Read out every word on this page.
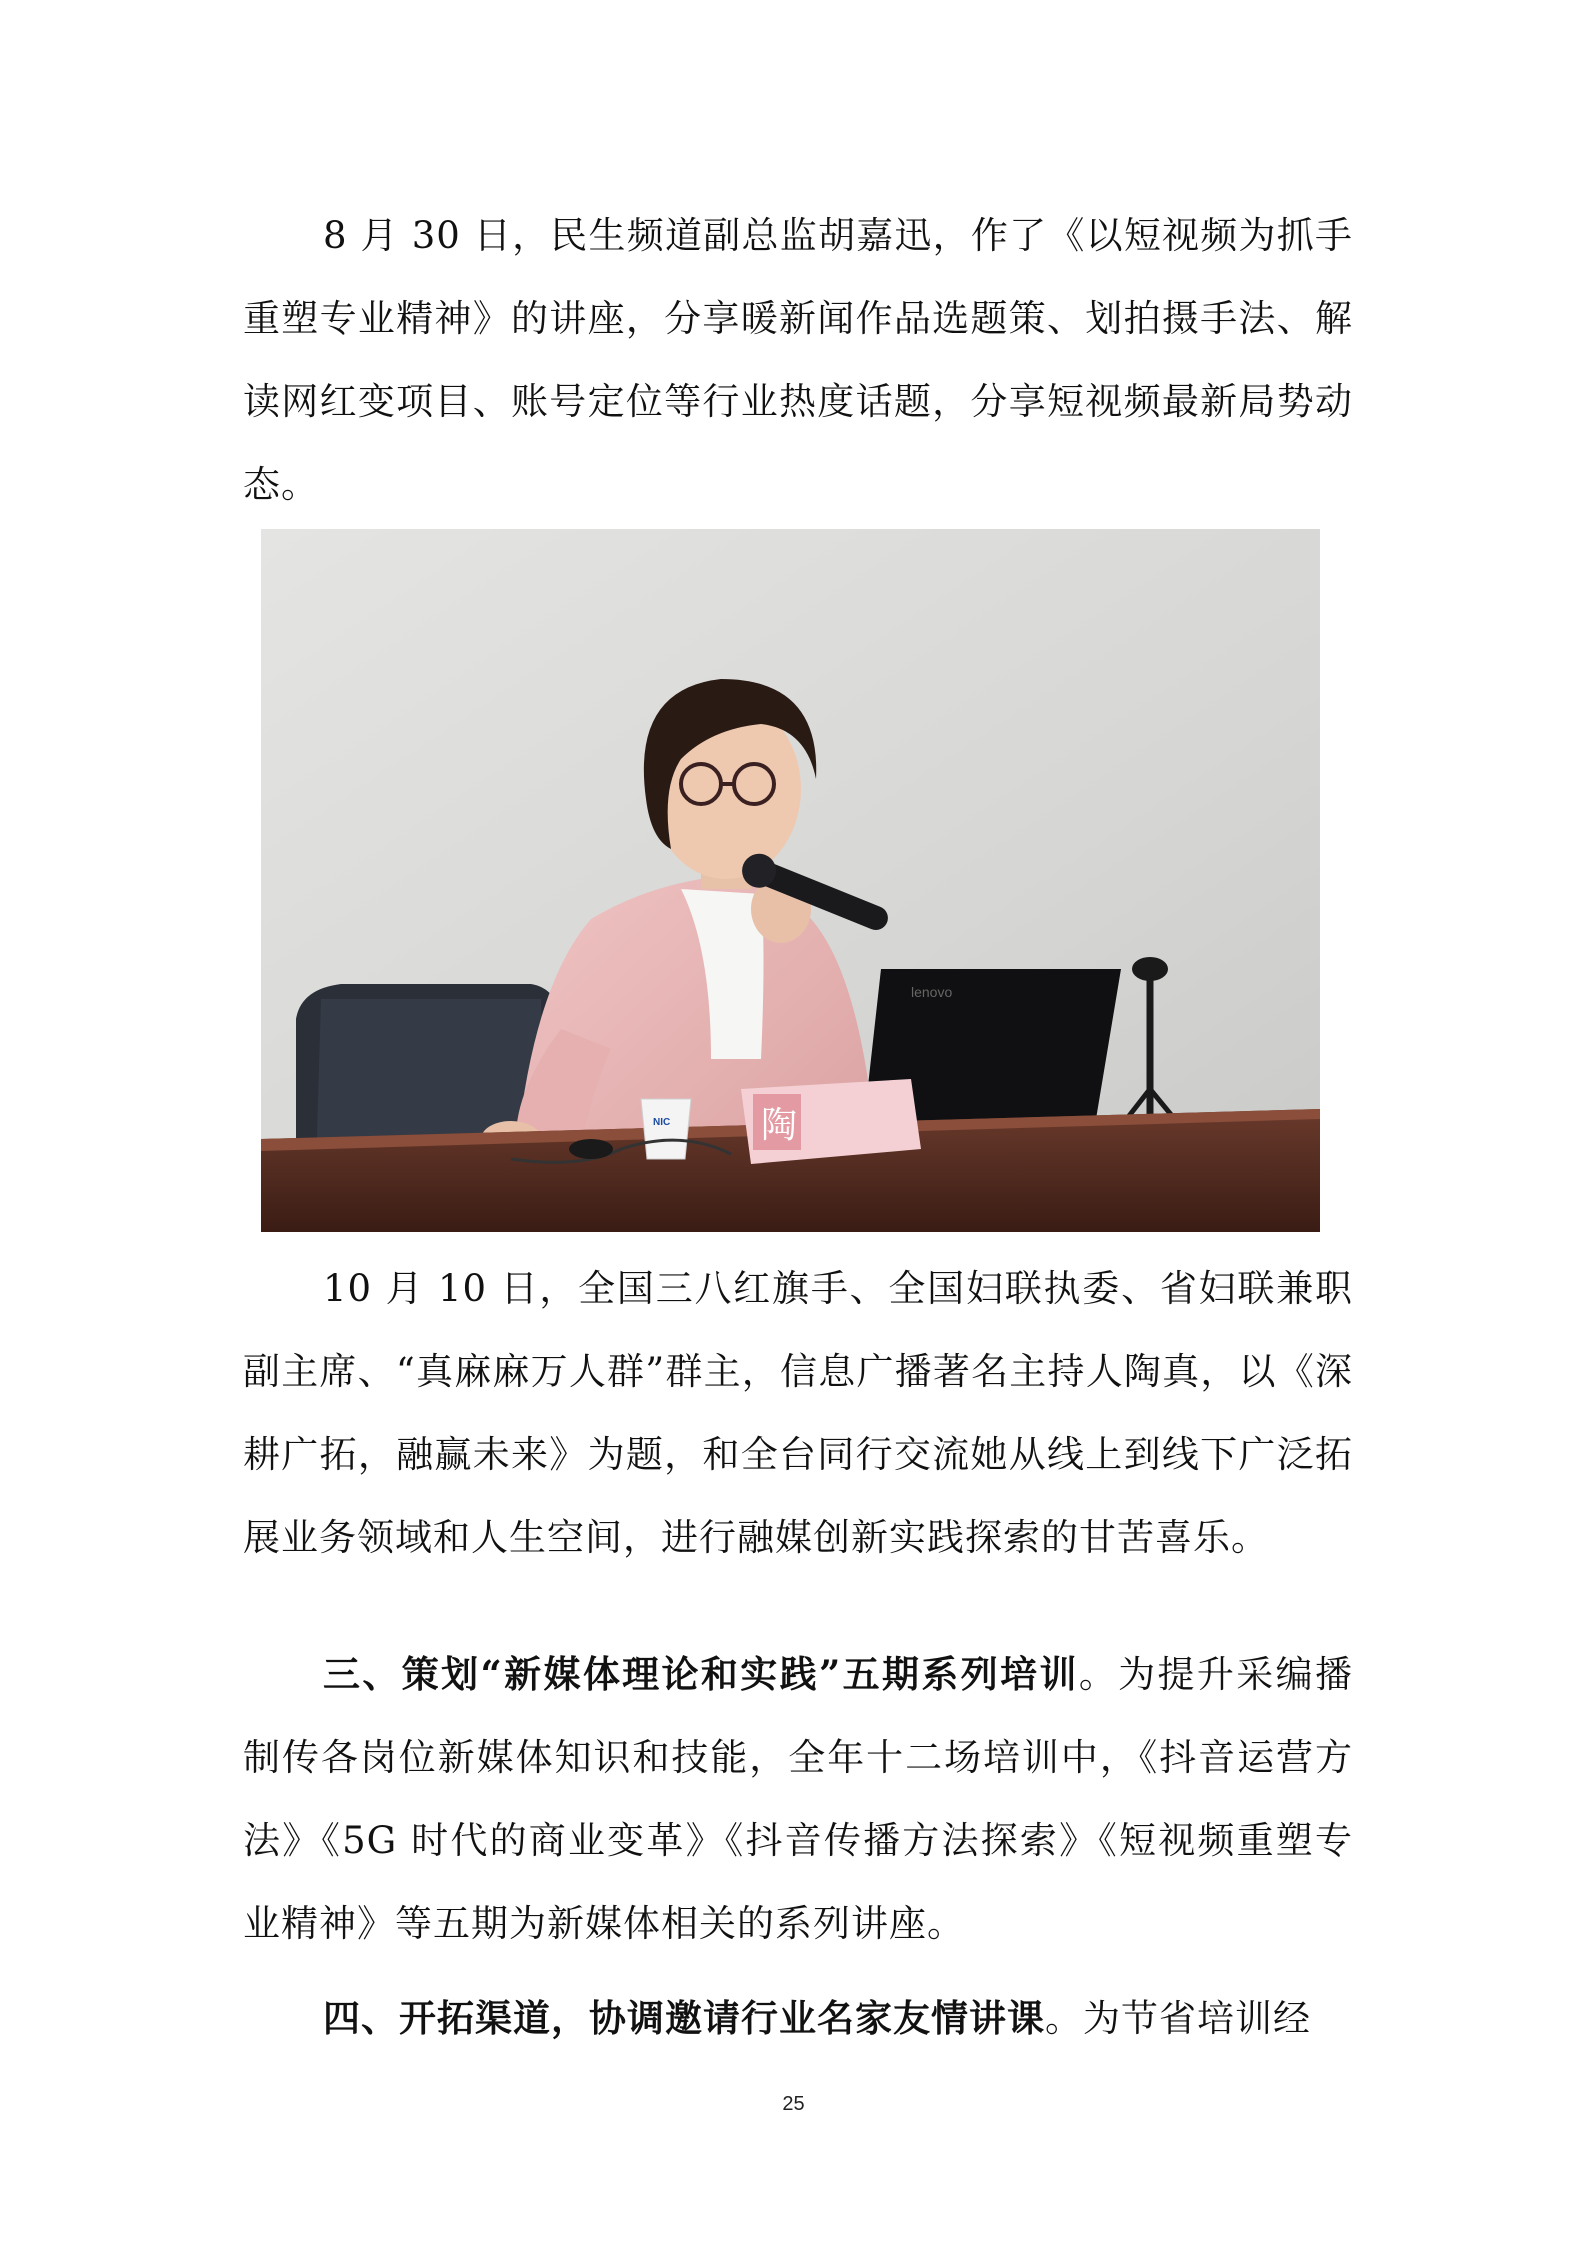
8 月 30 日，民生频道副总监胡嘉迅，作了《以短视频为抓手重塑专业精神》的讲座，分享暖新闻作品选题策、划拍摄手法、解读网红变项目、账号定位等行业热度话题，分享短视频最新局势动态。

lenovo
陶
NIC

10 月 10 日，全国三八红旗手、全国妇联执委、省妇联兼职副主席、“真麻麻万人群”群主，信息广播著名主持人陶真，以《深耕广拓，融赢未来》为题，和全台同行交流她从线上到线下广泛拓展业务领域和人生空间，进行融媒创新实践探索的甘苦喜乐。

三、策划“新媒体理论和实践”五期系列培训。为提升采编播制传各岗位新媒体知识和技能，全年十二场培训中，《抖音运营方法》《5G 时代的商业变革》《抖音传播方法探索》《短视频重塑专业精神》等五期为新媒体相关的系列讲座。

四、开拓渠道，协调邀请行业名家友情讲课。为节省培训经

25
